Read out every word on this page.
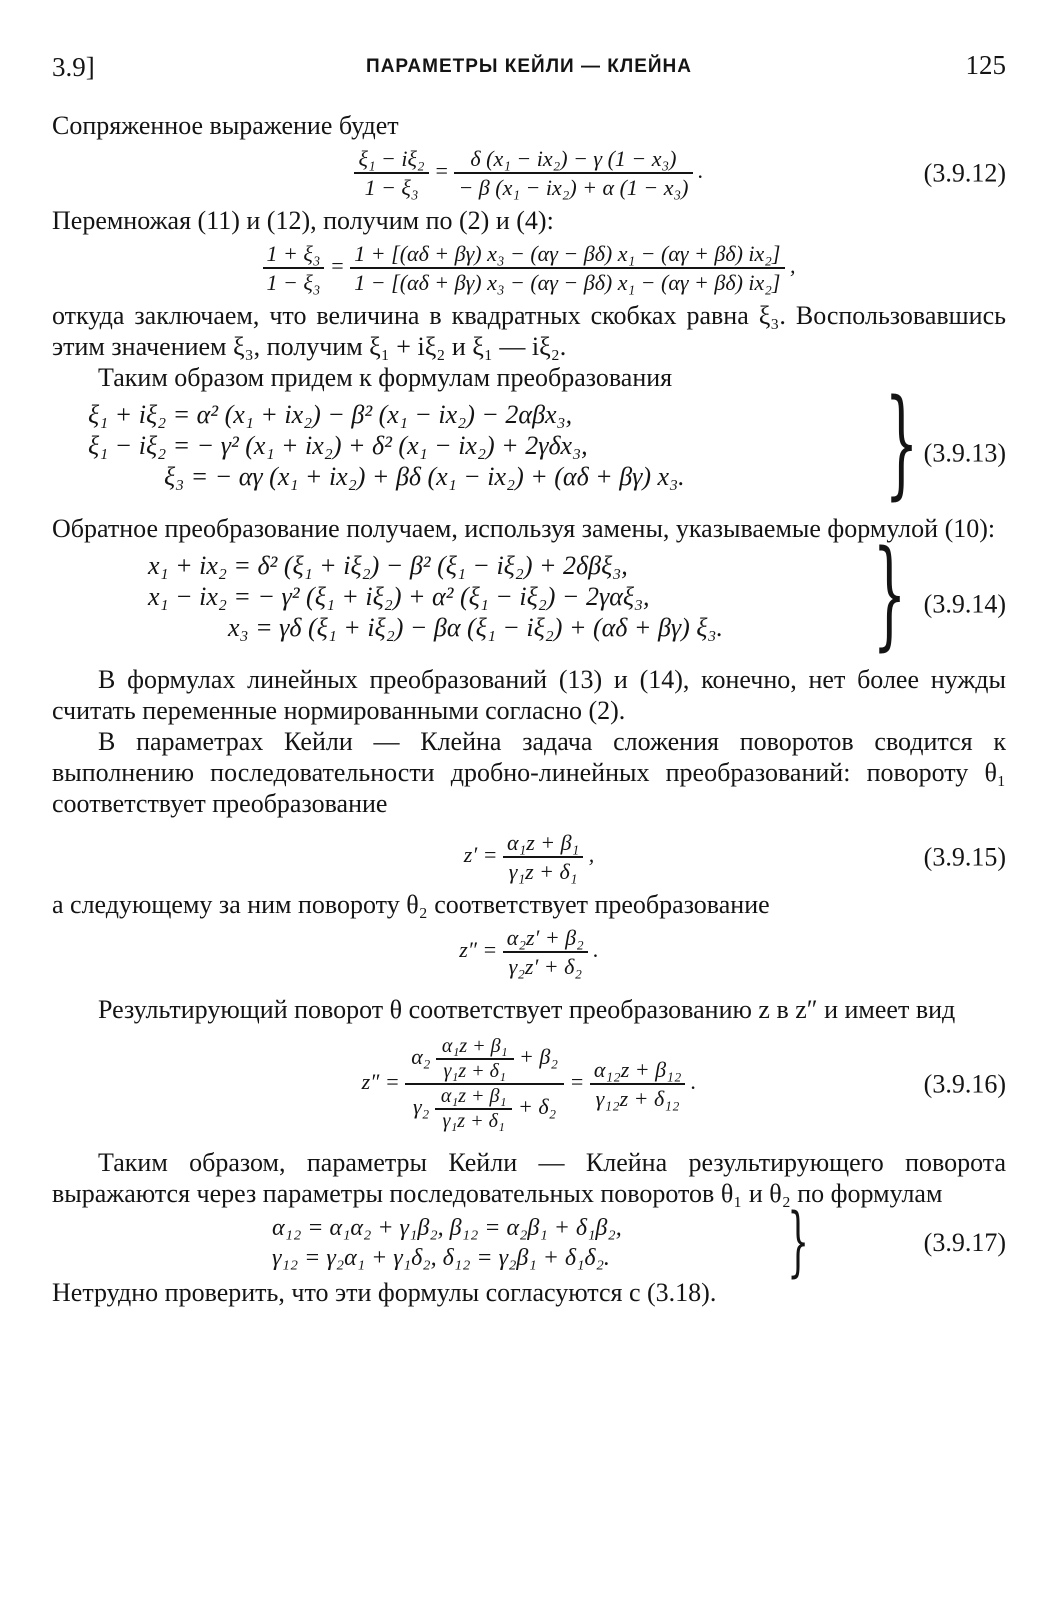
3.9]	ПАРАМЕТРЫ КЕЙЛИ — КЛЕЙНА	125

Сопряженное выражение будет

$\frac{\text{ξ₁ − iξ₂}}{\text{1 − ξ₃}} = \frac{\text{δ (x₁ − ix₂) − γ (1 − x₃)}}{\text{− β (x₁ − ix₂) + α (1 − x₃)}}$ .	(3.9.12)

Перемножая (11) и (12), получим по (2) и (4):

$\frac{\text{1 + ξ₃}}{\text{1 − ξ₃}} = \frac{\text{1 + [(αδ + βγ) x₃ − (αγ − βδ) x₁ − (αγ + βδ) ix₂]}}{\text{1 − [(αδ + βγ) x₃ − (αγ − βδ) x₁ − (αγ + βδ) ix₂]}}$ ,

откуда заключаем, что величина в квадратных скобках равна ξ₃. Воспользовавшись этим значением ξ₃, получим ξ₁ + iξ₂ и ξ₁ — iξ₂.

Таким образом придем к формулам преобразования

ξ₁ + iξ₂ = α² (x₁ + ix₂) − β² (x₁ − ix₂) − 2αβx₃,
ξ₁ − iξ₂ = − γ² (x₁ + ix₂) + δ² (x₁ − ix₂) + 2γδx₃,
ξ₃ = − αγ (x₁ + ix₂) + βδ (x₁ − ix₂) + (αδ + βγ) x₃. } (3.9.13)

Обратное преобразование получаем, используя замены, указываемые формулой (10):

x₁ + ix₂ = δ² (ξ₁ + iξ₂) − β² (ξ₁ − iξ₂) + 2δβξ₃,
x₁ − ix₂ = − γ² (ξ₁ + iξ₂) + α² (ξ₁ − iξ₂) − 2γαξ₃,
x₃ = γδ (ξ₁ + iξ₂) − βα (ξ₁ − iξ₂) + (αδ + βγ) ξ₃. } (3.9.14)

В формулах линейных преобразований (13) и (14), конечно, нет более нужды считать переменные нормированными согласно (2).

В параметрах Кейли — Клейна задача сложения поворотов сводится к выполнению последовательности дробно-линейных преобразований: повороту θ₁ соответствует преобразование

$z' = \frac{\text{α₁z + β₁}}{\text{γ₁z + δ₁}}$ ,	(3.9.15)

а следующему за ним повороту θ₂ соответствует преобразование

$z'' = \frac{\text{α₂z′ + β₂}}{\text{γ₂z′ + δ₂}}$ .

Результирующий поворот θ соответствует преобразованию z в z″ и имеет вид

z″ =
$\alpha_2 \frac{\text{α₁z + β₁}}{\text{γ₁z + δ₁}} + \beta_2$
$\gamma_2 \frac{\text{α₁z + β₁}}{\text{γ₁z + δ₁}} + \delta_2$
= $\frac{\text{α₁₂z + β₁₂}}{\text{γ₁₂z + δ₁₂}}$ .	(3.9.16)

Таким образом, параметры Кейли — Клейна результирующего поворота выражаются через параметры последовательных поворотов θ₁ и θ₂ по формулам

α₁₂ = α₁α₂ + γ₁β₂, β₁₂ = α₂β₁ + δ₁β₂,
γ₁₂ = γ₂α₁ + γ₁δ₂, δ₁₂ = γ₂β₁ + δ₁δ₂. }	(3.9.17)

Нетрудно проверить, что эти формулы согласуются с (3.18).
